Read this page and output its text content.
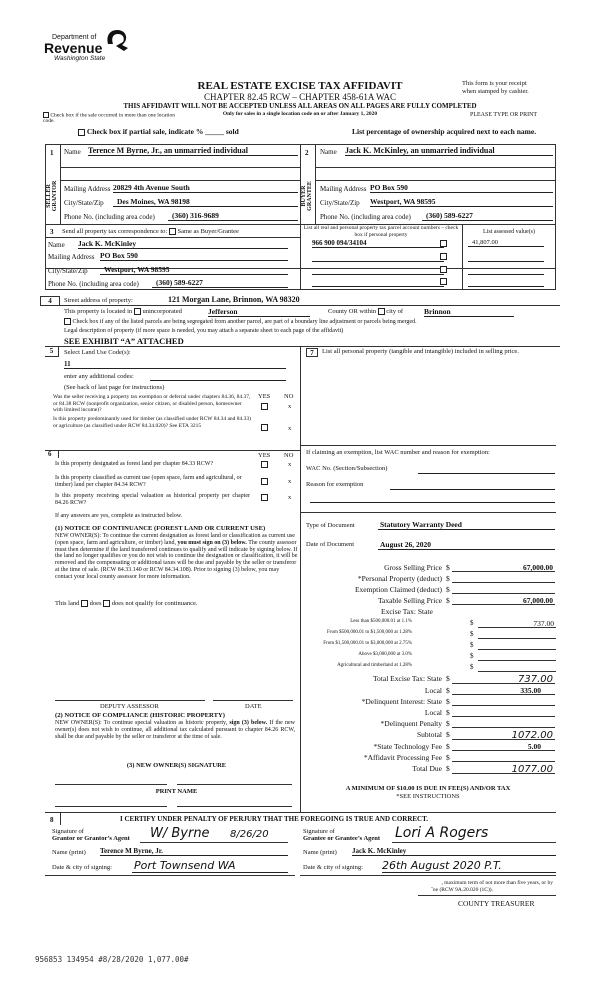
Department of
Revenue
Washington State
REAL ESTATE EXCISE TAX AFFIDAVIT
CHAPTER 82.45 RCW – CHAPTER 458-61A WAC
THIS AFFIDAVIT WILL NOT BE ACCEPTED UNLESS ALL AREAS ON ALL PAGES ARE FULLY COMPLETED
Only for sales in a single location code on or after January 1, 2020
This form is your receipt when stamped by cashier.
PLEASE TYPE OR PRINT
Check box if the sale occurred in more than one location code.
Check box if partial sale, indicate % _____ sold	List percentage of ownership acquired next to each name.
1
SELLER GRANTOR
Name Terence M Byrne, Jr., an unmarried individual
Mailing Address 20829 4th Avenue South
City/State/Zip	Des Moines, WA 98198
Phone No. (including area code)	(360) 316-9689
2
BUYER GRANTEE
Name Jack K. McKinley, an unmarried individual
Mailing Address PO Box 590
City/State/Zip Westport, WA 98595
Phone No. (including area code)	(360) 589-6227
3 Send all property tax correspondence to: Same as Buyer/Grantee
Name Jack K. McKinley
Mailing Address PO Box 590
List all real and personal property tax parcel account numbers – check box if personal property	List assessed value(s)
966 900 094/34104	41,807.00
City/State/Zip	Westport, WA 98595
Phone No. (including area code)	(360) 589-6227
4	Street address of property:	121 Morgan Lane, Brinnon, WA 98320
This property is located in unincorporated	Jefferson	County OR within city of	Brinnon
Check box if any of the listed parcels are being segregated from another parcel, are part of a boundary line adjustment or parcels being merged.
Legal description of property (if more space is needed, you may attach a separate sheet to each page of the affidavit)
SEE EXHIBIT “A” ATTACHED
5	Select Land Use Code(s):
11
enter any additional codes:
(See back of last page for instructions)
YES NO
Was the seller receiving a property tax exemption or deferral under chapters 84.36, 84.37, or 84.38 RCW (nonprofit organization, senior citizen, or disabled person, homeowner with limited income)?	x
Is this property predominantly used for timber (as classified under RCW 84.34 and 84.33) or agriculture (as classified under RCW 84.34.020)? See ETA 3215	x
6	YES NO
Is this property designated as forest land per chapter 84.33 RCW?	x
Is this property classified as current use (open space, farm and agricultural, or timber) land per chapter 84.34 RCW?	x
Is this property receiving special valuation as historical property per chapter 84.26 RCW?
x
If any answers are yes, complete as instructed below.
(1) NOTICE OF CONTINUANCE (FOREST LAND OR CURRENT USE)
NEW OWNER(S): To continue the current designation as forest land or classification as current use (open space, farm and agriculture, or timber) land, you must sign on (3) below. The county assessor must then determine if the land transferred continues to qualify and will indicate by signing below. If the land no longer qualifies or you do not wish to continue the designation or classification, it will be removed and the compensating or additional taxes will be due and payable by the seller or transferor at the time of sale. (RCW 84.33.140 or RCW 84.34.108). Prior to signing (3) below, you may contact your local county assessor for more information.
This land does does not qualify for continuance.
DEPUTY ASSESSOR	DATE
(2) NOTICE OF COMPLIANCE (HISTORIC PROPERTY)
NEW OWNER(S): To continue special valuation as historic property, sign (3) below. If the new owner(s) does not wish to continue, all additional tax calculated pursuant to chapter 84.26 RCW, shall be due and payable by the seller or transferor at the time of sale.
(3) NEW OWNER(S) SIGNATURE
PRINT NAME
7	List all personal property (tangible and intangible) included in selling price.
If claiming an exemption, list WAC number and reason for exemption:
WAC No. (Section/Subsection)
Reason for exemption
Type of Document	Statutory Warranty Deed
Date of Document	August 26, 2020
Gross Selling Price $	67,000.00
*Personal Property (deduct) $
Exemption Claimed (deduct) $
Taxable Selling Price $	67,000.00
Excise Tax: State
Less than $500,000.01 at 1.1%	$	737.00
From $500,000.01 to $1,500,000 at 1.28%	$
From $1,500,000.01 to $3,000,000 at 2.75%	$
Above $3,000,000 at 3.0%	$
Agricultural and timberland at 1.28%	$
Total Excise Tax: State $	737.00
Local $	335.00
*Delinquent Interest: State $
Local $
*Delinquent Penalty $
Subtotal $	1072.00
*State Technology Fee $	5.00
*Affidavit Processing Fee $
Total Due $	1077.00
A MINIMUM OF $10.00 IS DUE IN FEE(S) AND/OR TAX
*SEE INSTRUCTIONS
8	I CERTIFY UNDER PENALTY OF PERJURY THAT THE FOREGOING IS TRUE AND CORRECT.
Signature of
Grantor or Grantor’s Agent W/ Byrne 8/26/20
Name (print) Terence M Byrne, Jr.
Date & city of signing: Port Townsend WA
Signature of
Grantee or Grantee’s Agent Lori A Rogers
Name (print) Jack K. McKinley
Date & city of signing: 26th August 2020 P.T.
, maximum term of not more than five years, or by
˜ne (RCW 9A.20.020 (1C)).
COUNTY TREASURER
956853 134954 #8/28/2020 1,077.00#
